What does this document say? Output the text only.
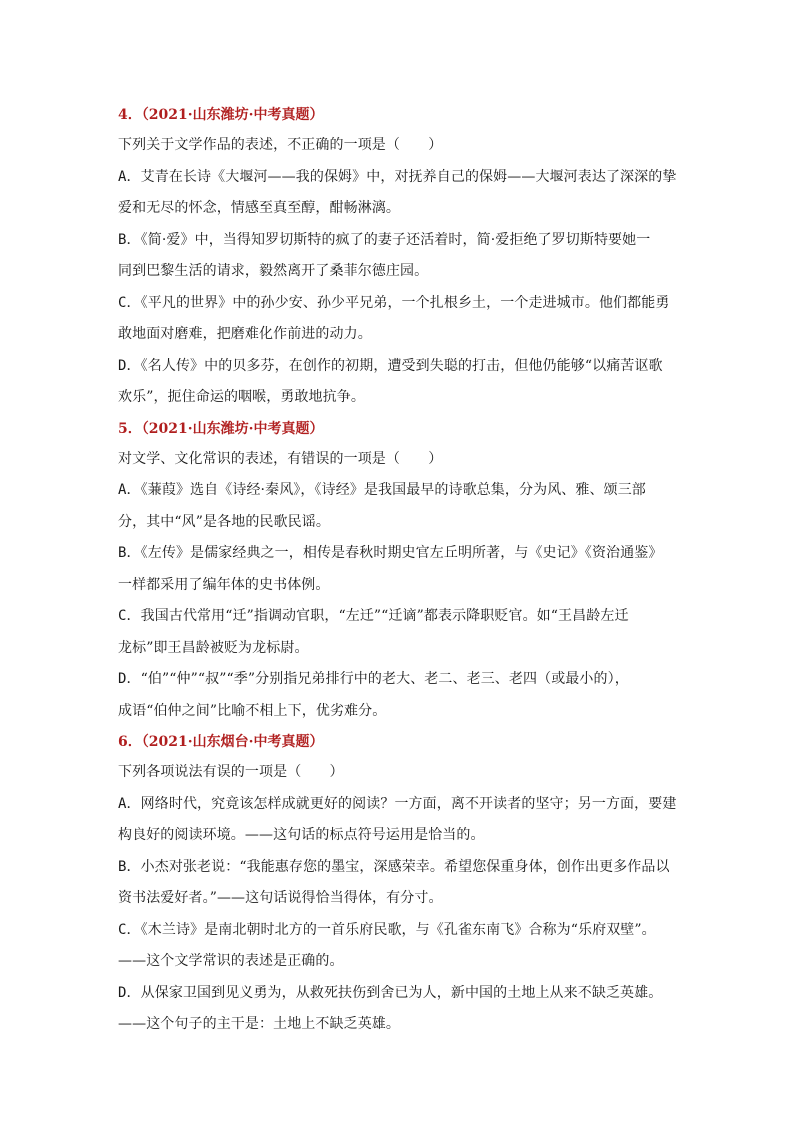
4．（2021·山东潍坊·中考真题）
下列关于文学作品的表述，不正确的一项是（　　）
A．艾青在长诗《大堰河——我的保姆》中，对抚养自己的保姆——大堰河表达了深深的挚
爱和无尽的怀念，情感至真至醇，酣畅淋漓。
B．《简·爱》中，当得知罗切斯特的疯了的妻子还活着时，简·爱拒绝了罗切斯特要她一
同到巴黎生活的请求，毅然离开了桑菲尔德庄园。
C．《平凡的世界》中的孙少安、孙少平兄弟，一个扎根乡土，一个走进城市。他们都能勇
敢地面对磨难，把磨难化作前进的动力。
D．《名人传》中的贝多芬，在创作的初期，遭受到失聪的打击，但他仍能够“以痛苦讴歌
欢乐”，扼住命运的咽喉，勇敢地抗争。
5．（2021·山东潍坊·中考真题）
对文学、文化常识的表述，有错误的一项是（　　）
A．《蒹葭》选自《诗经·秦风》，《诗经》是我国最早的诗歌总集，分为风、雅、颂三部
分，其中“风”是各地的民歌民谣。
B．《左传》是儒家经典之一，相传是春秋时期史官左丘明所著，与《史记》《资治通鉴》
一样都采用了编年体的史书体例。
C．我国古代常用“迁”指调动官职，“左迁”“迁谪”都表示降职贬官。如“王昌龄左迁
龙标”即王昌龄被贬为龙标尉。
D．“伯”“仲”“叔”“季”分别指兄弟排行中的老大、老二、老三、老四（或最小的），
成语“伯仲之间”比喻不相上下，优劣难分。
6．（2021·山东烟台·中考真题）
下列各项说法有误的一项是（　　）
A．网络时代，究竟该怎样成就更好的阅读？一方面，离不开读者的坚守；另一方面，要建
构良好的阅读环境。——这句话的标点符号运用是恰当的。
B．小杰对张老说：“我能惠存您的墨宝，深感荣幸。希望您保重身体，创作出更多作品以
资书法爱好者。”——这句话说得恰当得体，有分寸。
C．《木兰诗》是南北朝时北方的一首乐府民歌，与《孔雀东南飞》合称为“乐府双壁”。
——这个文学常识的表述是正确的。
D．从保家卫国到见义勇为，从救死扶伤到舍已为人，新中国的土地上从来不缺乏英雄。
——这个句子的主干是：土地上不缺乏英雄。
